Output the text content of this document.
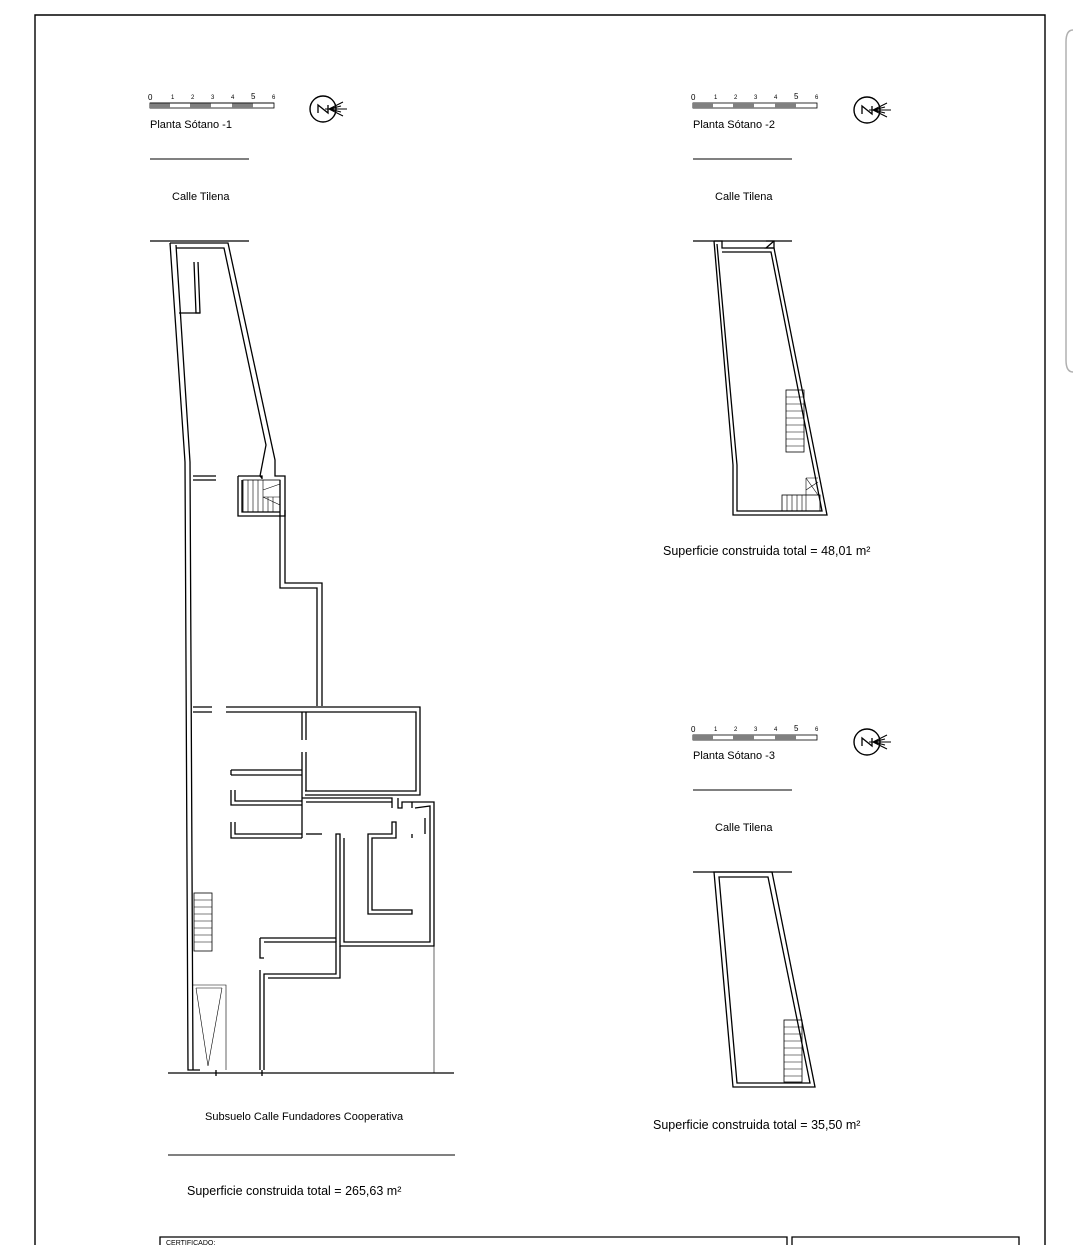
0	1	2	3	4 5	6	0	1	2	3	4 5	6
0	1	2	3	4 5	6
Planta Sótano -1
Calle Tilena
Subsuelo Calle Fundadores Cooperativa
Superficie construida total = 265,63 m²
Planta Sótano -2
Calle Tilena
Superficie construida total = 48,01 m²
Planta Sótano -3
Calle Tilena
Superficie construida total = 35,50 m²
CERTIFICADO:
